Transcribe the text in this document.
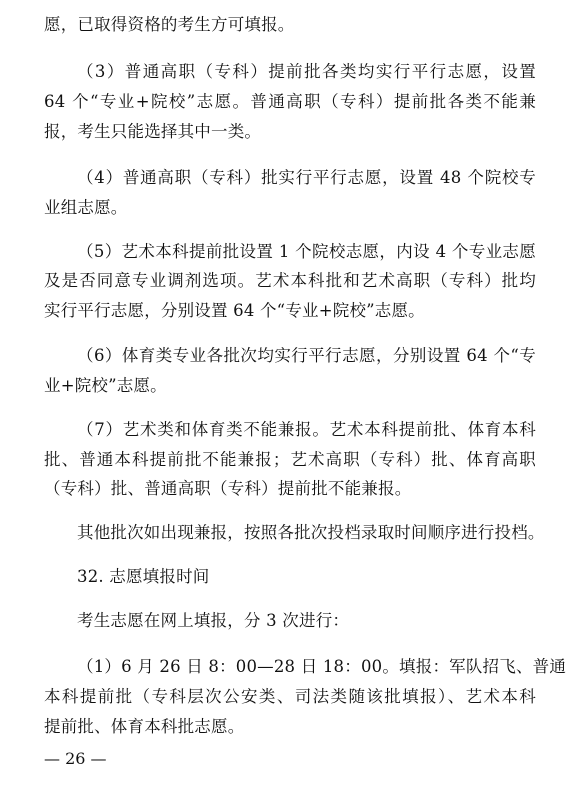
愿，已取得资格的考生方可填报。
（3）普通高职（专科）提前批各类均实行平行志愿，设置
64 个“专业+院校”志愿。普通高职（专科）提前批各类不能兼
报，考生只能选择其中一类。
（4）普通高职（专科）批实行平行志愿，设置 48 个院校专
业组志愿。
（5）艺术本科提前批设置 1 个院校志愿，内设 4 个专业志愿
及是否同意专业调剂选项。艺术本科批和艺术高职（专科）批均
实行平行志愿，分别设置 64 个“专业+院校”志愿。
（6）体育类专业各批次均实行平行志愿，分别设置 64 个“专
业+院校”志愿。
（7）艺术类和体育类不能兼报。艺术本科提前批、体育本科
批、普通本科提前批不能兼报；艺术高职（专科）批、体育高职
（专科）批、普通高职（专科）提前批不能兼报。
其他批次如出现兼报，按照各批次投档录取时间顺序进行投档。
32. 志愿填报时间
考生志愿在网上填报，分 3 次进行：
（1）6 月 26 日 8：00—28 日 18：00。填报：军队招飞、普通
本科提前批（专科层次公安类、司法类随该批填报）、艺术本科
提前批、体育本科批志愿。
— 26 —
